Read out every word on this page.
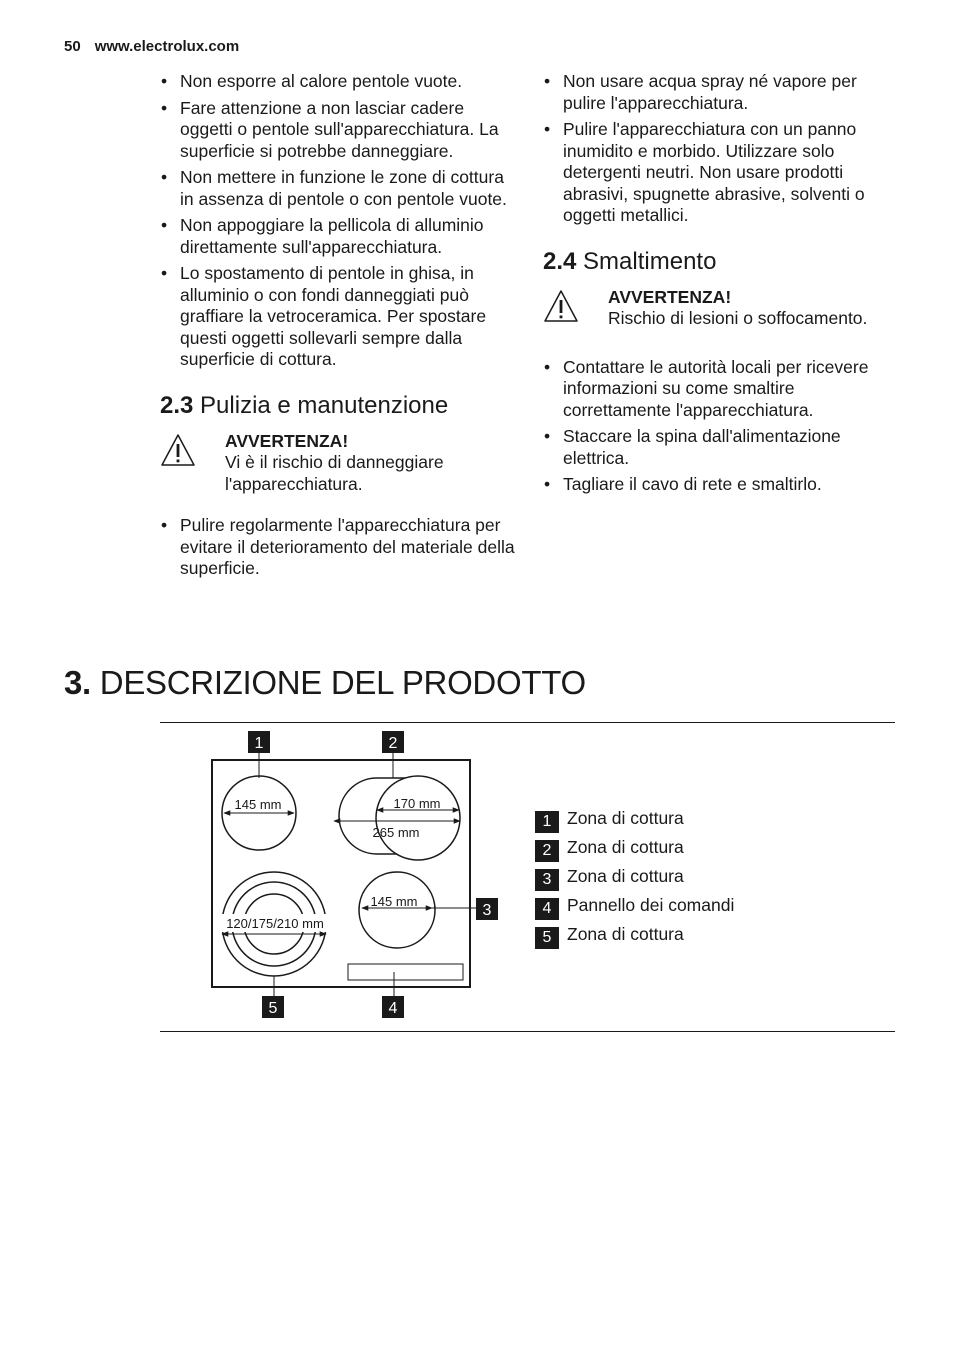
50 www.electrolux.com
• Non esporre al calore pentole vuote.
• Fare attenzione a non lasciar cadere oggetti o pentole sull'apparecchiatura. La superficie si potrebbe danneggiare.
• Non mettere in funzione le zone di cottura in assenza di pentole o con pentole vuote.
• Non appoggiare la pellicola di alluminio direttamente sull'apparecchiatura.
• Lo spostamento di pentole in ghisa, in alluminio o con fondi danneggiati può graffiare la vetroceramica. Per spostare questi oggetti sollevarli sempre dalla superficie di cottura.
2.3 Pulizia e manutenzione
AVVERTENZA!
Vi è il rischio di danneggiare l'apparecchiatura.
• Pulire regolarmente l'apparecchiatura per evitare il deterioramento del materiale della superficie.
• Non usare acqua spray né vapore per pulire l'apparecchiatura.
• Pulire l'apparecchiatura con un panno inumidito e morbido. Utilizzare solo detergenti neutri. Non usare prodotti abrasivi, spugnette abrasive, solventi o oggetti metallici.
2.4 Smaltimento
AVVERTENZA!
Rischio di lesioni o soffocamento.
• Contattare le autorità locali per ricevere informazioni su come smaltire correttamente l'apparecchiatura.
• Staccare la spina dall'alimentazione elettrica.
• Tagliare il cavo di rete e smaltirlo.
3. DESCRIZIONE DEL PRODOTTO
145 mm	170 mm
265 mm
120/175/210 mm
145 mm
1	2
3
4
5
1 Zona di cottura
2 Zona di cottura
3 Zona di cottura
4 Pannello dei comandi
5 Zona di cottura
